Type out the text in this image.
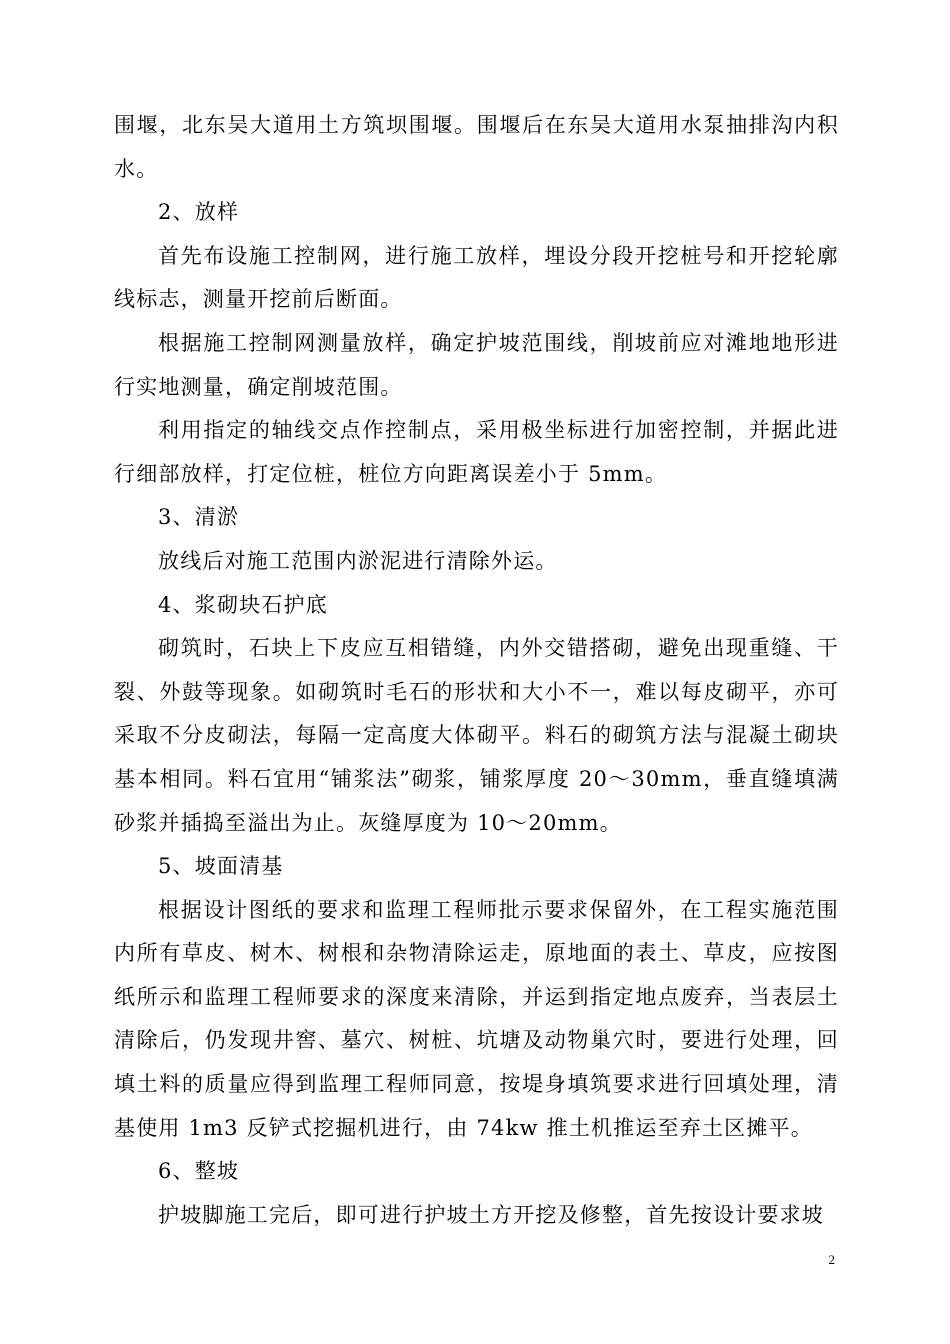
围堰，北东吴大道用土方筑坝围堰。围堰后在东吴大道用水泵抽排沟内积水。

2、放样

首先布设施工控制网，进行施工放样，埋设分段开挖桩号和开挖轮廓线标志，测量开挖前后断面。

根据施工控制网测量放样，确定护坡范围线，削坡前应对滩地地形进行实地测量，确定削坡范围。

利用指定的轴线交点作控制点，采用极坐标进行加密控制，并据此进行细部放样，打定位桩，桩位方向距离误差小于 5mm。

3、清淤

放线后对施工范围内淤泥进行清除外运。

4、浆砌块石护底

砌筑时，石块上下皮应互相错缝，内外交错搭砌，避免出现重缝、干裂、外鼓等现象。如砌筑时毛石的形状和大小不一，难以每皮砌平，亦可采取不分皮砌法，每隔一定高度大体砌平。料石的砌筑方法与混凝土砌块基本相同。料石宜用“铺浆法”砌浆，铺浆厚度 20～30mm，垂直缝填满砂浆并插捣至溢出为止。灰缝厚度为 10～20mm。

5、坡面清基

根据设计图纸的要求和监理工程师批示要求保留外，在工程实施范围内所有草皮、树木、树根和杂物清除运走，原地面的表土、草皮，应按图纸所示和监理工程师要求的深度来清除，并运到指定地点废弃，当表层土清除后，仍发现井窖、墓穴、树桩、坑塘及动物巢穴时，要进行处理，回填土料的质量应得到监理工程师同意，按堤身填筑要求进行回填处理，清基使用 1m3 反铲式挖掘机进行，由 74kw 推土机推运至弃土区摊平。

6、整坡

护坡脚施工完后，即可进行护坡土方开挖及修整，首先按设计要求坡

2
